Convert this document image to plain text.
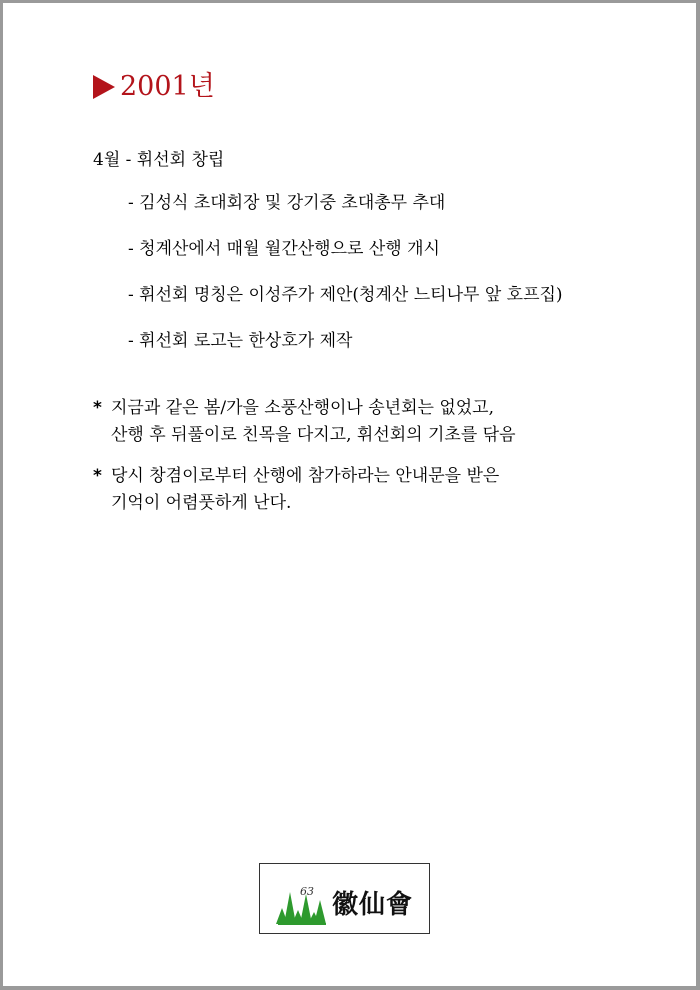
2001년
4월 - 휘선회 창립
- 김성식 초대회장 및 강기중 초대총무 추대
- 청계산에서 매월 월간산행으로 산행 개시
- 휘선회 명칭은 이성주가 제안(청계산 느티나무 앞 호프집)
- 휘선회 로고는 한상호가 제작
* 지금과 같은 봄/가을 소풍산행이나 송년회는 없었고,
산행 후 뒤풀이로 친목을 다지고, 휘선회의 기초를 닦음
* 당시 창겸이로부터 산행에 참가하라는 안내문을 받은
기억이 어렴풋하게 난다.
63 徽仙會
